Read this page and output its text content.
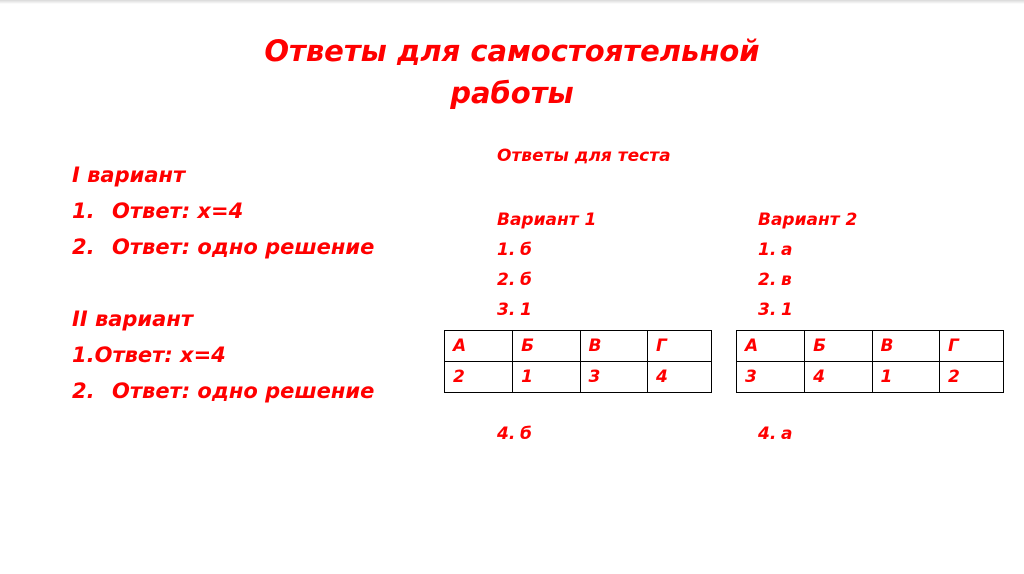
Ответы для самостоятельной
работы
I вариант
1. Ответ: x=4
2. Ответ: одно решение
II вариант
1.Ответ: x=4
2. Ответ: одно решение
Ответы для теста
Вариант 1
1. б
2. б
3. 1
А	Б	В	Г
2	1	3	4
4. б
Вариант 2
1. а
2. в
3. 1
А	Б	В	Г
3	4	1	2
4. а
